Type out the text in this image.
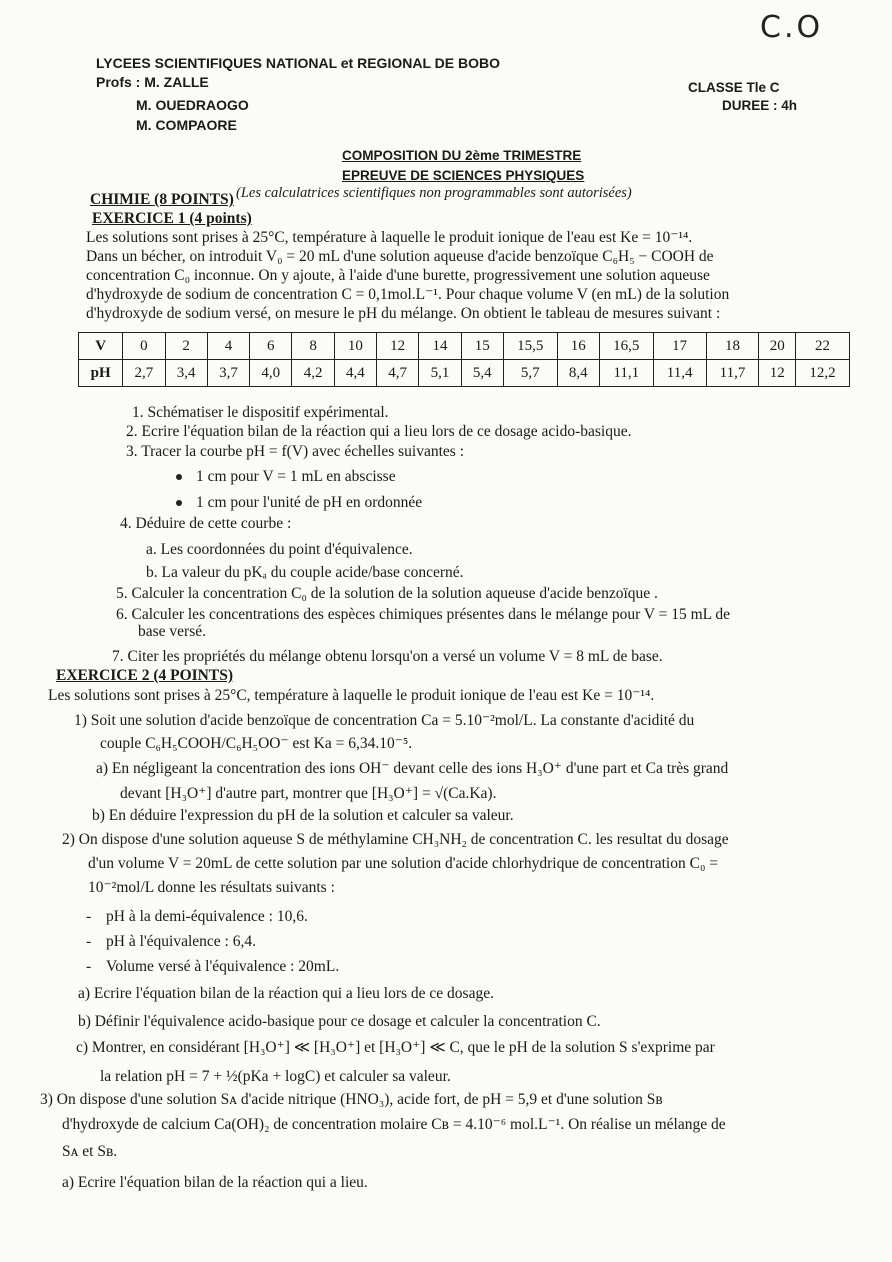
C.O
LYCEES SCIENTIFIQUES NATIONAL et REGIONAL DE BOBO
Profs : M. ZALLE
M. OUEDRAOGO
M. COMPAORE
CLASSE Tle C
DUREE : 4h
COMPOSITION DU 2ème TRIMESTRE
EPREUVE DE SCIENCES PHYSIQUES
(Les calculatrices scientifiques non programmables sont autorisées)
CHIMIE (8 POINTS)
EXERCICE 1 (4 points)
Les solutions sont prises à 25°C, température à laquelle le produit ionique de l'eau est Ke = 10⁻¹⁴.
Dans un bécher, on introduit V₀ = 20 mL d'une solution aqueuse d'acide benzoïque C₆H₅ − COOH de
concentration C₀ inconnue. On y ajoute, à l'aide d'une burette, progressivement une solution aqueuse
d'hydroxyde de sodium de concentration C = 0,1mol.L⁻¹. Pour chaque volume V (en mL) de la solution
d'hydroxyde de sodium versé, on mesure le pH du mélange. On obtient le tableau de mesures suivant :
V	0	2	4	6	8	10	12	14	15	15,5	16	16,5	17	18	20	22
pH	2,7	3,4	3,7	4,0	4,2	4,4	4,7	5,1	5,4	5,7	8,4	11,1	11,4	11,7	12	12,2
1. Schématiser le dispositif expérimental.
2. Ecrire l'équation bilan de la réaction qui a lieu lors de ce dosage acido-basique.
3. Tracer la courbe pH = f(V) avec échelles suivantes :
1 cm pour V = 1 mL en abscisse
1 cm pour l'unité de pH en ordonnée
4. Déduire de cette courbe :
a. Les coordonnées du point d'équivalence.
b. La valeur du pKₐ du couple acide/base concerné.
5. Calculer la concentration C₀ de la solution de la solution aqueuse d'acide benzoïque .
6. Calculer les concentrations des espèces chimiques présentes dans le mélange pour V = 15 mL de
base versé.
7. Citer les propriétés du mélange obtenu lorsqu'on a versé un volume V = 8 mL de base.
EXERCICE 2 (4 POINTS)
Les solutions sont prises à 25°C, température à laquelle le produit ionique de l'eau est Ke = 10⁻¹⁴.
1) Soit une solution d'acide benzoïque de concentration Ca = 5.10⁻²mol/L. La constante d'acidité du
couple C₆H₅COOH/C₆H₅OO⁻ est Ka = 6,34.10⁻⁵.
a) En négligeant la concentration des ions OH⁻ devant celle des ions H₃O⁺ d'une part et Ca très grand
devant [H₃O⁺] d'autre part, montrer que [H₃O⁺] = √(Ca.Ka).
b) En déduire l'expression du pH de la solution et calculer sa valeur.
2) On dispose d'une solution aqueuse S de méthylamine CH₃NH₂ de concentration C. les resultat du dosage
d'un volume V = 20mL de cette solution par une solution d'acide chlorhydrique de concentration C₀ =
10⁻²mol/L donne les résultats suivants :
- pH à la demi-équivalence : 10,6.
- pH à l'équivalence : 6,4.
- Volume versé à l'équivalence : 20mL.
a) Ecrire l'équation bilan de la réaction qui a lieu lors de ce dosage.
b) Définir l'équivalence acido-basique pour ce dosage et calculer la concentration C.
c) Montrer, en considérant [H₃O⁺] ≪ [H₃O⁺] et [H₃O⁺] ≪ C, que le pH de la solution S s'exprime par
la relation pH = 7 + ½(pKa + logC) et calculer sa valeur.
3) On dispose d'une solution Sᴀ d'acide nitrique (HNO₃), acide fort, de pH = 5,9 et d'une solution Sʙ
d'hydroxyde de calcium Ca(OH)₂ de concentration molaire Cʙ = 4.10⁻⁶ mol.L⁻¹. On réalise un mélange de
Sᴀ et Sʙ.
a) Ecrire l'équation bilan de la réaction qui a lieu.
